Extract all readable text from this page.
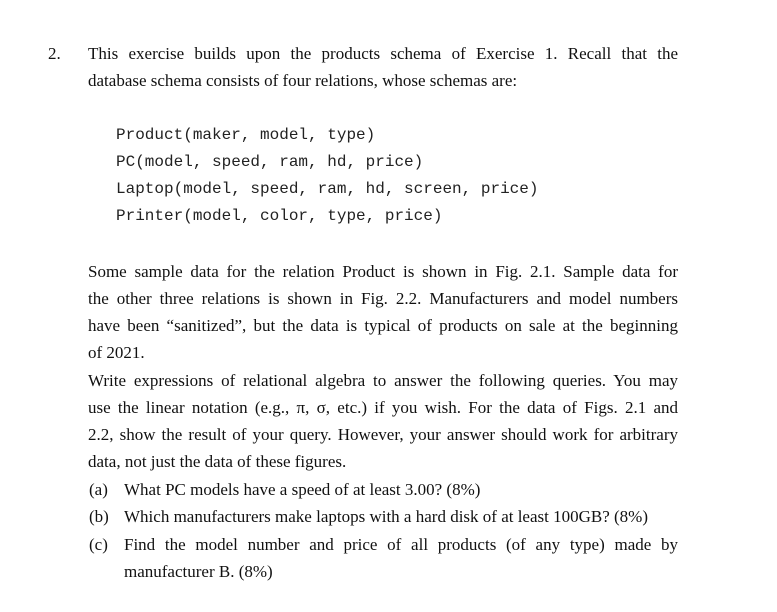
2. This exercise builds upon the products schema of Exercise 1. Recall that the
database schema consists of four relations, whose schemas are:
Product(maker, model, type)
PC(model, speed, ram, hd, price)
Laptop(model, speed, ram, hd, screen, price)
Printer(model, color, type, price)
Some sample data for the relation Product is shown in Fig. 2.1. Sample data for
the other three relations is shown in Fig. 2.2. Manufacturers and model numbers
have been “sanitized”, but the data is typical of products on sale at the beginning
of 2021.
Write expressions of relational algebra to answer the following queries. You may
use the linear notation (e.g., π, σ, etc.) if you wish. For the data of Figs. 2.1 and
2.2, show the result of your query. However, your answer should work for arbitrary
data, not just the data of these figures.
(a) What PC models have a speed of at least 3.00? (8%)
(b) Which manufacturers make laptops with a hard disk of at least 100GB? (8%)
(c) Find the model number and price of all products (of any type) made by
manufacturer B. (8%)
